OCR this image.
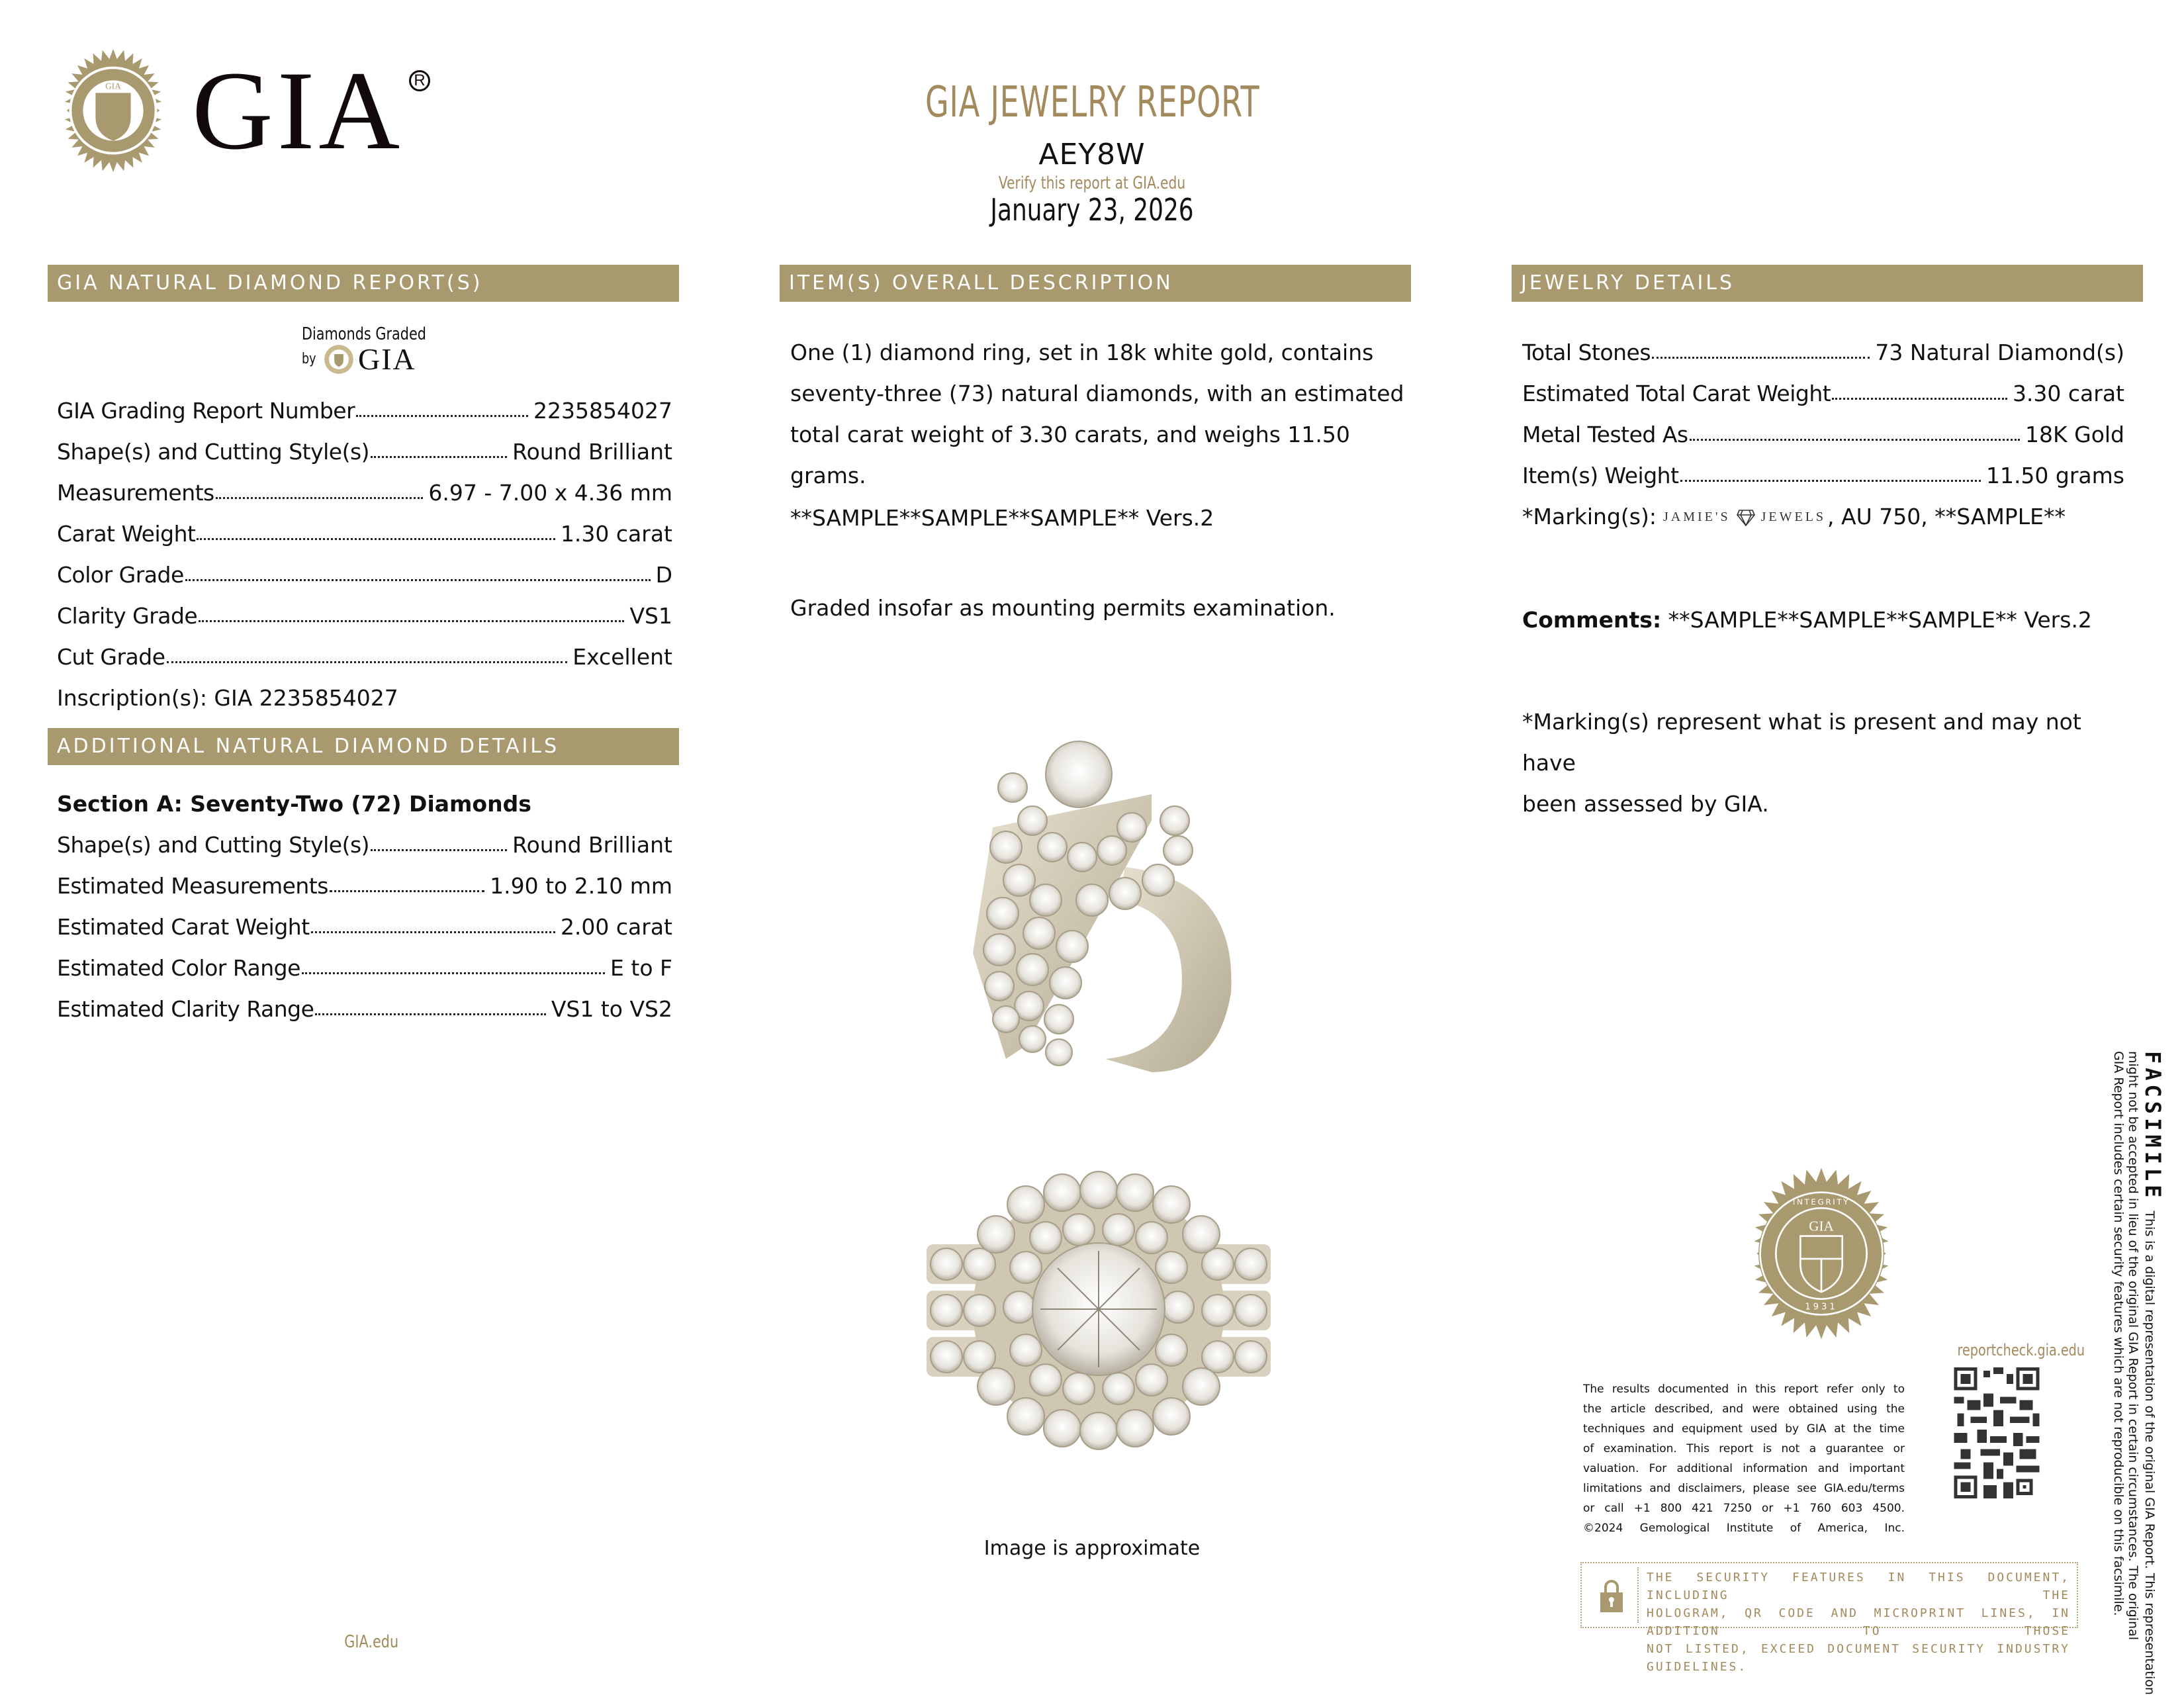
GIA GIA R	GIA JEWELRY REPORT
AEY8W
Verify this report at GIA.edu
January 23, 2026
GIA NATURAL DIAMOND REPORT(S)
Diamonds Graded
by GIA
GIA Grading Report Number	2235854027
Shape(s) and Cutting Style(s)	Round Brilliant
Measurements	6.97 - 7.00 x 4.36 mm
Carat Weight	1.30 carat
Color Grade	D
Clarity Grade	VS1
Cut Grade	Excellent
Inscription(s): GIA 2235854027
ADDITIONAL NATURAL DIAMOND DETAILS
Section A: Seventy-Two (72) Diamonds
Shape(s) and Cutting Style(s)	Round Brilliant
Estimated Measurements	1.90 to 2.10 mm
Estimated Carat Weight	2.00 carat
Estimated Color Range	E to F
Estimated Clarity Range	VS1 to VS2
GIA.edu
ITEM(S) OVERALL DESCRIPTION
One (1) diamond ring, set in 18k white gold, contains
seventy-three (73) natural diamonds, with an estimated
total carat weight of 3.30 carats, and weighs 11.50 grams.
**SAMPLE**SAMPLE**SAMPLE** Vers.2
Graded insofar as mounting permits examination.
Image is approximate
JEWELRY DETAILS
Total Stones	73 Natural Diamond(s)
Estimated Total Carat Weight	3.30 carat
Metal Tested As	18K Gold
Item(s) Weight	11.50 grams
*Marking(s): JAMIE'S JEWELS , AU 750, **SAMPLE**
Comments: **SAMPLE**SAMPLE**SAMPLE** Vers.2
*Marking(s) represent what is present and may not have
been assessed by GIA.
GIA
1931
INTEGRITY
reportcheck.gia.edu
The results documented in this report refer only to
the article described, and were obtained using the
techniques and equipment used by GIA at the time
of examination. This report is not a guarantee or
valuation. For additional information and important
limitations and disclaimers, please see GIA.edu/terms
or call +1 800 421 7250 or +1 760 603 4500.
©2024 Gemological Institute of America, Inc.
THE SECURITY FEATURES IN THIS DOCUMENT, INCLUDING THE
HOLOGRAM, QR CODE AND MICROPRINT LINES, IN ADDITION TO THOSE
NOT LISTED, EXCEED DOCUMENT SECURITY INDUSTRY GUIDELINES.
FACSIMILE
This is a digital representation of the original GIA Report. This representation
might not be accepted in lieu of the original GIA Report in certain circumstances. The original
GIA Report includes certain security features which are not reproducible on this facsimile.
